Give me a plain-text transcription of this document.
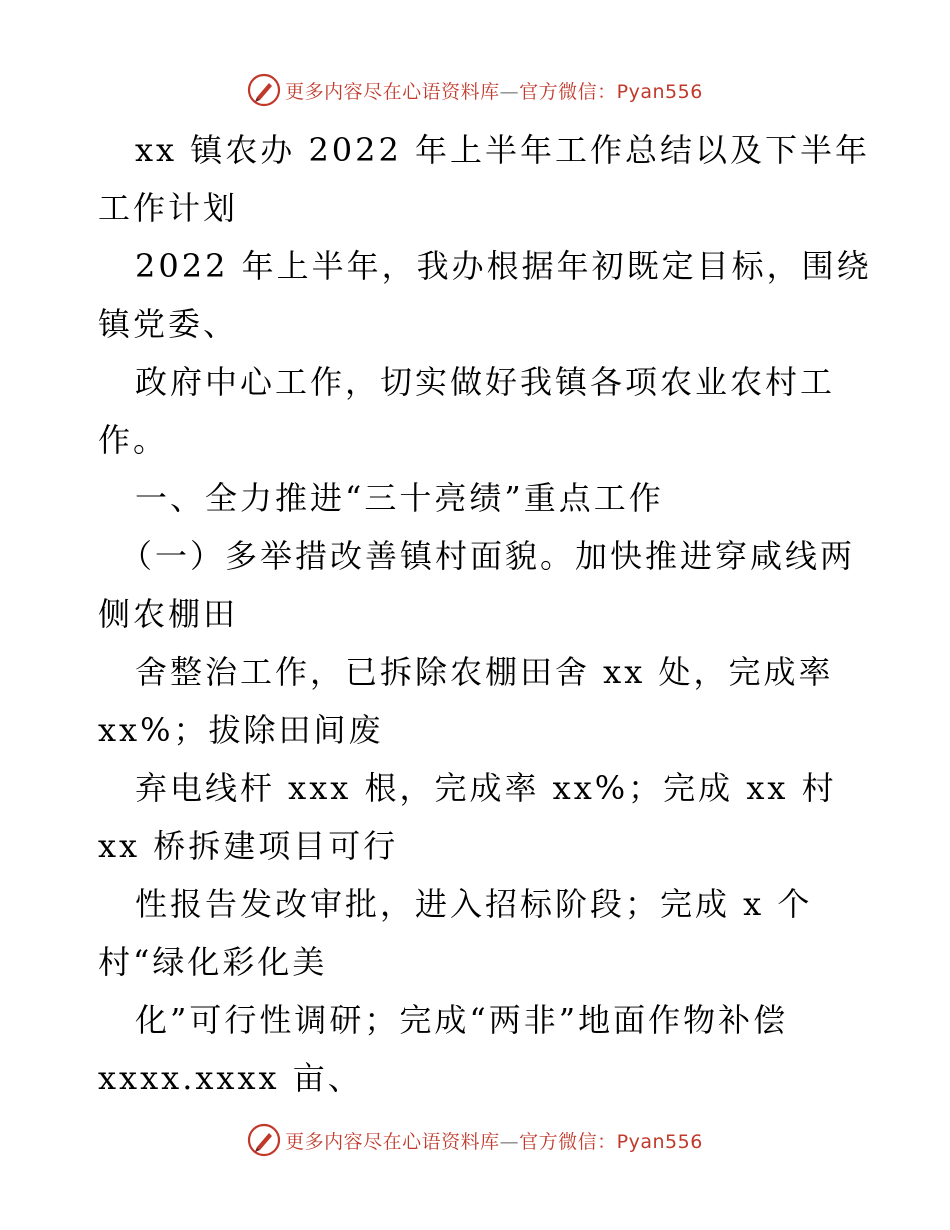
更多内容尽在心语资料库—官方微信：Pyan556
xx 镇农办 2022 年上半年工作总结以及下半年
工作计划
2022 年上半年，我办根据年初既定目标，围绕
镇党委、
政府中心工作，切实做好我镇各项农业农村工
作。
一、全力推进“三十亮绩”重点工作
（一）多举措改善镇村面貌。加快推进穿咸线两
侧农棚田
舍整治工作，已拆除农棚田舍 xx 处，完成率
xx%；拔除田间废
弃电线杆 xxx 根，完成率 xx%；完成 xx 村
xx 桥拆建项目可行
性报告发改审批，进入招标阶段；完成 x 个
村“绿化彩化美
化”可行性调研；完成“两非”地面作物补偿
xxxx.xxxx 亩、
更多内容尽在心语资料库—官方微信：Pyan556
